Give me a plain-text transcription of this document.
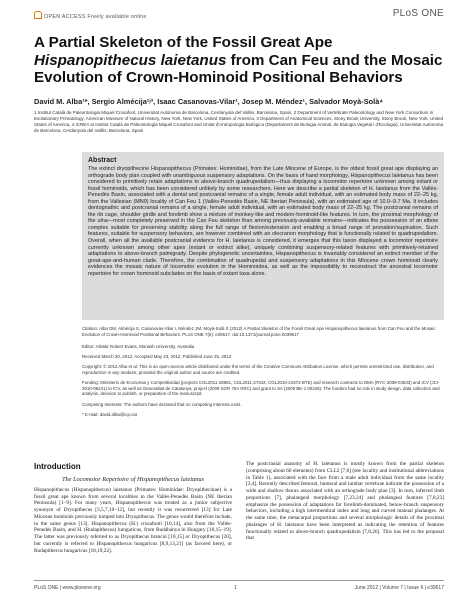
OPEN ACCESS Freely available online	PLoS ONE
A Partial Skeleton of the Fossil Great Ape
Hispanopithecus laietanus from Can Feu and the Mosaic
Evolution of Crown-Hominoid Positional Behaviors
David M. Alba¹*, Sergio Almécija¹ʲ³, Isaac Casanovas-Vilar¹, Josep M. Méndez¹, Salvador Moyà-Solà⁴
1 Institut Català de Paleontologia Miquel Crusafont, Universitat Autònoma de Barcelona, Cerdanyola del Vallès, Barcelona, Spain, 2 Department of Vertebrate Paleontology and New York Consortium in Evolutionary Primatology, American Museum of Natural History, New York, New York, United States of America, 3 Department of Anatomical Sciences, Stony Brook University, Stony Brook, New York, United States of America, 4 ICREA at Institut Català de Paleontologia Miquel Crusafont and Unitat d'Antropologia Biològica (Departament de Biologia Animal, de Biologia Vegetal i d'Ecologia), Universitat Autònoma de Barcelona, Cerdanyola del Vallès, Barcelona, Spain
Abstract

The extinct dryopithecine Hispanopithecus (Primates: Hominidae), from the Late Miocene of Europe, is the oldest fossil great ape displaying an orthograde body plan coupled with unambiguous suspensory adaptations. On the basis of hand morphology, Hispanopithecus laietanus has been considered to primitively retain adaptations to above-branch quadrupedalism—thus displaying a locomotor repertoire unknown among extant or fossil hominoids, which has been considered unlikely by some researchers. Here we describe a partial skeleton of H. laietanus from the Vallès-Penedès Basin, associated with a dental and postcranial remains of a single, female adult individual, with an estimated body mass of 22–25 kg, from the Vallesian (MN9) locality of Can Feu 1 (Vallès-Penedès Basin, NE Iberian Peninsula), with an estimated age of 10.0–9.7 Ma. It includes dentognathic and postcranial remains of a single, female adult individual, with an estimated body mass of 22–25 kg. The postcranial remains of the rib cage, shoulder girdle and forelimb show a mixture of monkey-like and modern-hominoid-like features. In turn, the proximal morphology of the ulna—most completely preserved in the Can Feu skeleton than among previously-available remains—indicates the possession of an elbow complex suitable for preserving stability along the full range of flexion/extension and enabling a broad range of pronation/supination. Such features, suitable for suspensory behaviors, are however combined with an olecranon morphology that is functionally related to quadrupedalism. Overall, when all the available postcranial evidence for H. laietanus is considered, it emerges that this taxon displayed a locomotor repertoire currently unknown among other apes (extant or extinct alike), uniquely combining suspensory-related features with primitively-retained adaptations to above-branch palmigrady. Despite phylogenetic uncertainties, Hispanopithecus is invariably considered an extinct member of the great-ape-and-human clade. Therefore, the combination of quadrupedal and suspensory adaptations in this Miocene crown hominoid clearly evidences the mosaic nature of locomotor evolution in the Hominoidea, as well as the impossibility to reconstruct the ancestral locomotor repertoire for crown hominoid subclades on the basis of extant taxa alone.

Citation: Alba DM, Almécija S, Casanovas-Vilar I, Méndez JM, Moyà-Solà S (2012) A Partial Skeleton of the Fossil Great Ape Hispanopithecus laietanus from Can Feu and the Mosaic Evolution of Crown-Hominoid Positional Behaviors. PLoS ONE 7(6): e39617. doi:10.1371/journal.pone.0039617
Editor: Alistair Robert Evans, Monash University, Australia
Received March 20, 2012; Accepted May 23, 2012; Published June 25, 2012
Copyright: © 2012 Alba et al. This is an open-access article distributed under the terms of the Creative Commons Attribution License, which permits unrestricted use, distribution, and reproduction in any medium, provided the original author and source are credited.
Funding: Ministerio de Economia y Competitividad (projects CGL2011-28681, CGL2011-27343, CGL2010-21672-BTE) and research contracts to DMA (RYC-2009-04533) and ICV (JCI-2010-08241) to ICV, as well as Generalitat de Catalunya, project (2009 SGR 754 GRC) and grant to SA (2009 BE-1 00228). The funders had no role in study design, data collection and analysis, decision to publish, or preparation of the manuscript.
Competing Interests: The authors have declared that no competing interests exist.
* E-mail: david.alba@icp.cat
Introduction
The Locomotor Repertoire of Hispanopithecus laietanus
Hispanopithecus (Hispanopithecus) laietanus (Primates: Hominidae: Dryopithecinae) is a fossil great ape known from several localities in the Vallès-Penedès Basin (NE Iberian Peninsula) [1–9]. For many years, Hispanopithecus was treated as a junior subjective synonym of Dryopithecus [3,5,7,10–12], but recently it was resurrected [13] for Late Miocene hominids previously lumped into Dryopithecus. The genus would therefore include, in the same genus [13], Hispanopithecus (H.) crusafonti [10,14], also from the Vallès-Penedès Basin, and H. (Rudapithecus) hungaricus, from Rudábánya in Hungary [10,15–19]. The latter was previously referred to as Dryopithecus brancoi [10,15] or Dryopithecus [20], but currently is referred to Hispanopithecus hungaricus [8,9,13,21] (as favored here), or Rudapithecus hungaricus [18,19,22].
The postcranial anatomy of H. laietanus is mostly known from the partial skeleton (comprising about 60 elements) from CLL2 [7,8] (see locality and institutional abbreviations in Table 1), associated with the face from a male adult individual from the same locality [3,4]. Recently described femoral, humeral and lumbar vertebrae indicate the possession of a wide and shallow thorax associated with an orthograde body plan [3]. In turn, inferred limb proportions [7], phalangeal morphology [7,23,24] and phalangeal features [7,8,23] emphasize the possession of adaptations for forelimb-dominated, below-branch suspensory behaviors, including a high intermembral index and long and curved manual phalanges. At the same time, the metacarpal proportions and several morphologic details of the proximal phalanges of H. laietanus have been interpreted as indicating the retention of features functionally related to above-branch quadrupedalism [7,8,26]. This has led to the proposal that
PLoS ONE | www.plosone.org	1	June 2012 | Volume 7 | Issue 6 | e39617
